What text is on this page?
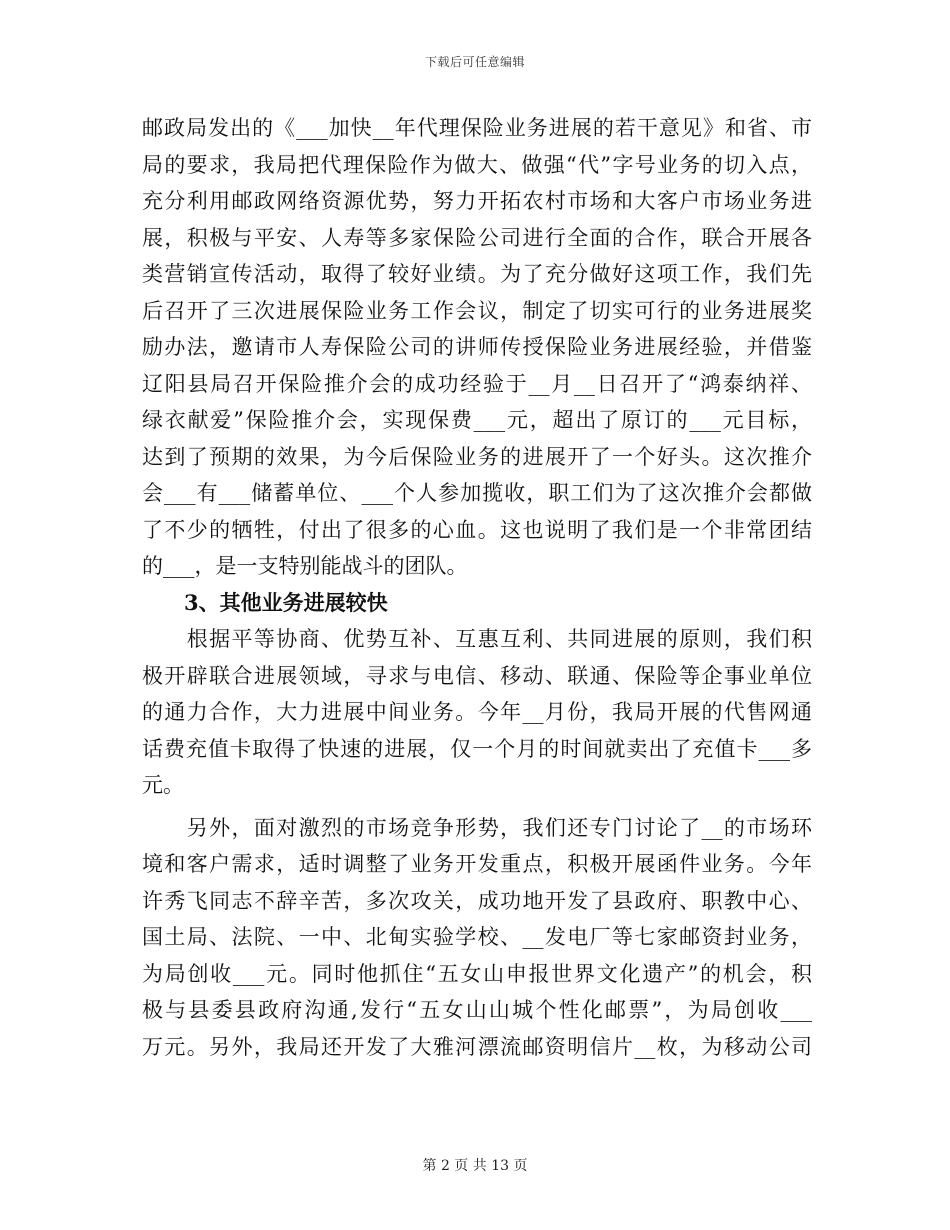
下载后可任意编辑
邮政局发出的《___加快__年代理保险业务进展的若干意见》和省、市
局的要求，我局把代理保险作为做大、做强“代”字号业务的切入点，
充分利用邮政网络资源优势，努力开拓农村市场和大客户市场业务进
展，积极与平安、人寿等多家保险公司进行全面的合作，联合开展各
类营销宣传活动，取得了较好业绩。为了充分做好这项工作，我们先
后召开了三次进展保险业务工作会议，制定了切实可行的业务进展奖
励办法，邀请市人寿保险公司的讲师传授保险业务进展经验，并借鉴
辽阳县局召开保险推介会的成功经验于__月__日召开了“鸿泰纳祥、
绿衣献爱”保险推介会，实现保费___元，超出了原订的___元目标，
达到了预期的效果，为今后保险业务的进展开了一个好头。这次推介
会___有___储蓄单位、___个人参加揽收，职工们为了这次推介会都做
了不少的牺牲，付出了很多的心血。这也说明了我们是一个非常团结
的___，是一支特别能战斗的团队。
3、其他业务进展较快
　　根据平等协商、优势互补、互惠互利、共同进展的原则，我们积
极开辟联合进展领域，寻求与电信、移动、联通、保险等企事业单位
的通力合作，大力进展中间业务。今年__月份，我局开展的代售网通
话费充值卡取得了快速的进展，仅一个月的时间就卖出了充值卡___多
元。
　　另外，面对激烈的市场竞争形势，我们还专门讨论了__的市场环
境和客户需求，适时调整了业务开发重点，积极开展函件业务。今年
许秀飞同志不辞辛苦，多次攻关，成功地开发了县政府、职教中心、
国土局、法院、一中、北甸实验学校、__发电厂等七家邮资封业务，
为局创收___元。同时他抓住“五女山申报世界文化遗产”的机会，积
极与县委县政府沟通,发行“五女山山城个性化邮票”，为局创收___
万元。另外，我局还开发了大雅河漂流邮资明信片__枚，为移动公司
第 2 页 共 13 页
